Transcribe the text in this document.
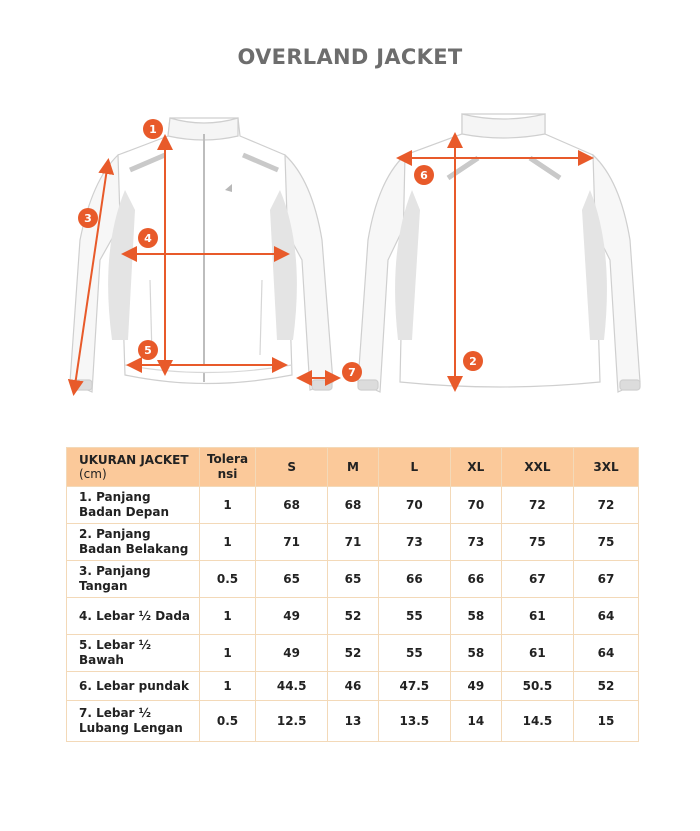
OVERLAND JACKET
1
2
3
4
5
6
7
UKURAN JACKET
(cm)	Toleransi	S	M	L	XL	XXL	3XL
1. Panjang Badan Depan	1	68	68	70	70	72	72
2. Panjang Badan Belakang	1	71	71	73	73	75	75
3. Panjang Tangan	0.5	65	65	66	66	67	67
4. Lebar ½ Dada	1	49	52	55	58	61	64
5. Lebar ½ Bawah	1	49	52	55	58	61	64
6. Lebar pundak	1	44.5	46	47.5	49	50.5	52
7. Lebar ½ Lubang Lengan	0.5	12.5	13	13.5	14	14.5	15
